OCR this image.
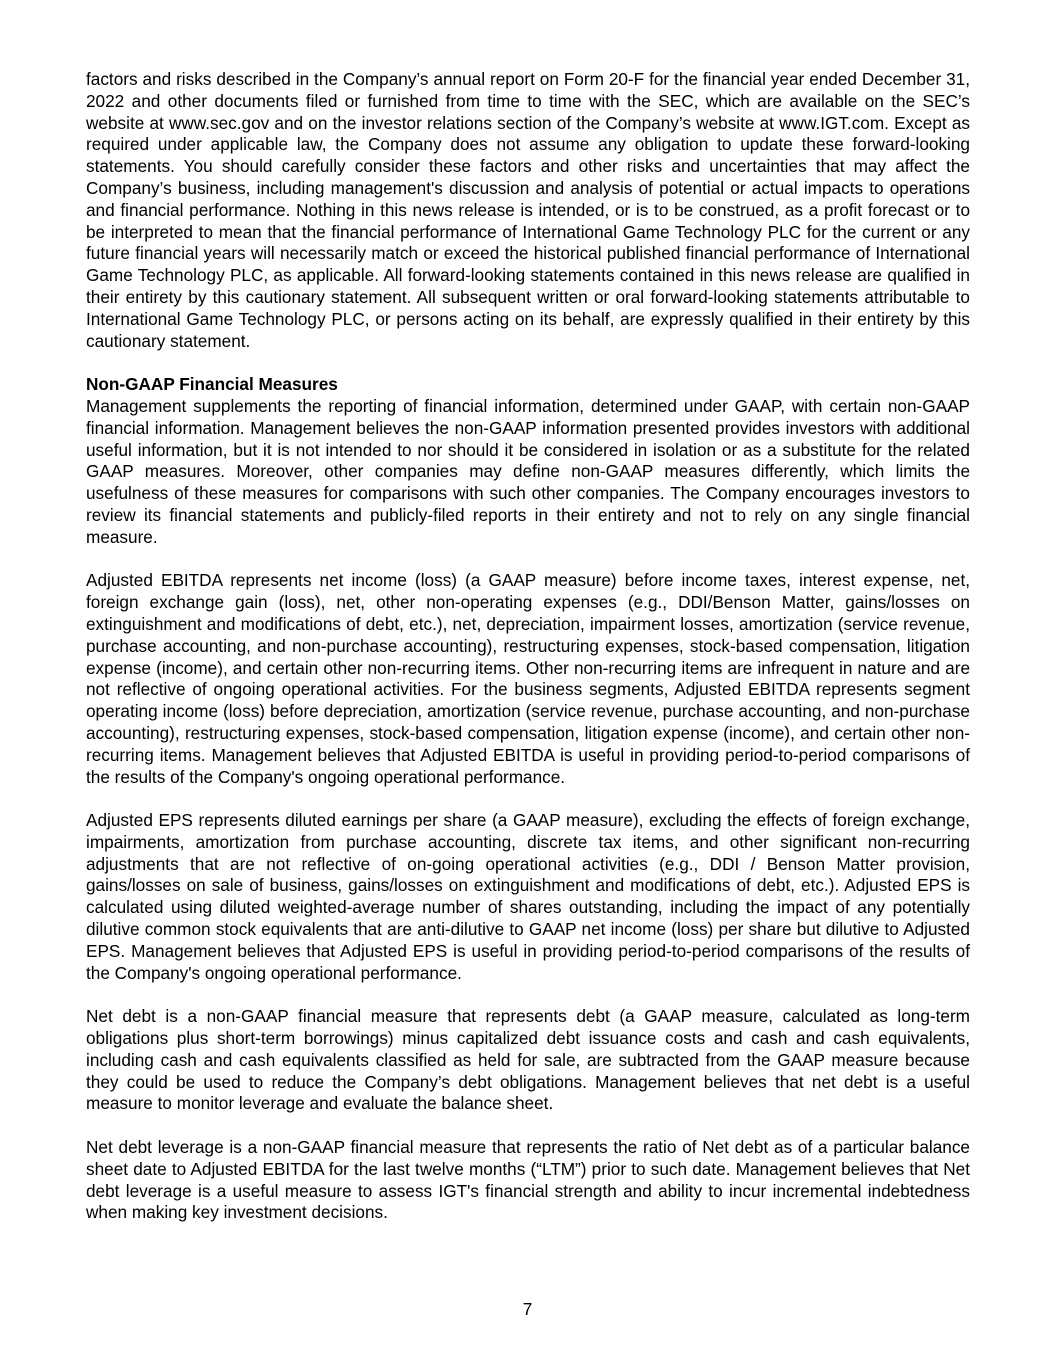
factors and risks described in the Company’s annual report on Form 20-F for the financial year ended December 31, 2022 and other documents filed or furnished from time to time with the SEC, which are available on the SEC’s website at www.sec.gov and on the investor relations section of the Company’s website at www.IGT.com. Except as required under applicable law, the Company does not assume any obligation to update these forward-looking statements. You should carefully consider these factors and other risks and uncertainties that may affect the Company’s business, including management's discussion and analysis of potential or actual impacts to operations and financial performance. Nothing in this news release is intended, or is to be construed, as a profit forecast or to be interpreted to mean that the financial performance of International Game Technology PLC for the current or any future financial years will necessarily match or exceed the historical published financial performance of International Game Technology PLC, as applicable. All forward-looking statements contained in this news release are qualified in their entirety by this cautionary statement. All subsequent written or oral forward-looking statements attributable to International Game Technology PLC, or persons acting on its behalf, are expressly qualified in their entirety by this cautionary statement.

Non-GAAP Financial Measures

Management supplements the reporting of financial information, determined under GAAP, with certain non-GAAP financial information. Management believes the non-GAAP information presented provides investors with additional useful information, but it is not intended to nor should it be considered in isolation or as a substitute for the related GAAP measures. Moreover, other companies may define non-GAAP measures differently, which limits the usefulness of these measures for comparisons with such other companies. The Company encourages investors to review its financial statements and publicly-filed reports in their entirety and not to rely on any single financial measure.

Adjusted EBITDA represents net income (loss) (a GAAP measure) before income taxes, interest expense, net, foreign exchange gain (loss), net, other non-operating expenses (e.g., DDI/Benson Matter, gains/losses on extinguishment and modifications of debt, etc.), net, depreciation, impairment losses, amortization (service revenue, purchase accounting, and non-purchase accounting), restructuring expenses, stock-based compensation, litigation expense (income), and certain other non-recurring items. Other non-recurring items are infrequent in nature and are not reflective of ongoing operational activities. For the business segments, Adjusted EBITDA represents segment operating income (loss) before depreciation, amortization (service revenue, purchase accounting, and non-purchase accounting), restructuring expenses, stock-based compensation, litigation expense (income), and certain other non-recurring items. Management believes that Adjusted EBITDA is useful in providing period-to-period comparisons of the results of the Company's ongoing operational performance.

Adjusted EPS represents diluted earnings per share (a GAAP measure), excluding the effects of foreign exchange, impairments, amortization from purchase accounting, discrete tax items, and other significant non-recurring adjustments that are not reflective of on-going operational activities (e.g., DDI / Benson Matter provision, gains/losses on sale of business, gains/losses on extinguishment and modifications of debt, etc.). Adjusted EPS is calculated using diluted weighted-average number of shares outstanding, including the impact of any potentially dilutive common stock equivalents that are anti-dilutive to GAAP net income (loss) per share but dilutive to Adjusted EPS. Management believes that Adjusted EPS is useful in providing period-to-period comparisons of the results of the Company's ongoing operational performance.

Net debt is a non-GAAP financial measure that represents debt (a GAAP measure, calculated as long-term obligations plus short-term borrowings) minus capitalized debt issuance costs and cash and cash equivalents, including cash and cash equivalents classified as held for sale, are subtracted from the GAAP measure because they could be used to reduce the Company’s debt obligations. Management believes that net debt is a useful measure to monitor leverage and evaluate the balance sheet.

Net debt leverage is a non-GAAP financial measure that represents the ratio of Net debt as of a particular balance sheet date to Adjusted EBITDA for the last twelve months (“LTM”) prior to such date. Management believes that Net debt leverage is a useful measure to assess IGT's financial strength and ability to incur incremental indebtedness when making key investment decisions.

7
